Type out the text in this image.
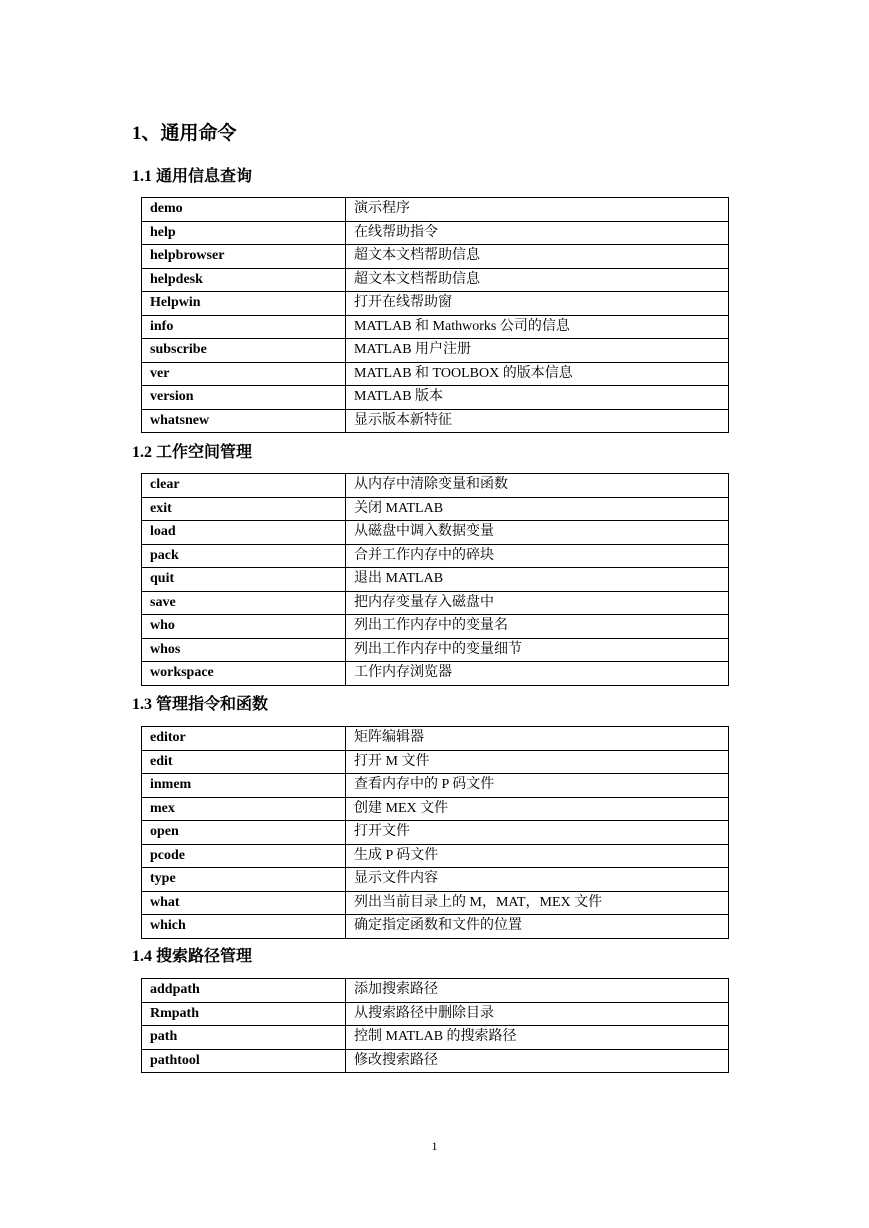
1、通用命令
1.1 通用信息查询
demo	演示程序
help	在线帮助指令
helpbrowser	超文本文档帮助信息
helpdesk	超文本文档帮助信息
Helpwin	打开在线帮助窗
info	MATLAB 和 Mathworks 公司的信息
subscribe	MATLAB 用户注册
ver	MATLAB 和 TOOLBOX 的版本信息
version	MATLAB 版本
whatsnew	显示版本新特征
1.2 工作空间管理
clear	从内存中清除变量和函数
exit	关闭 MATLAB
load	从磁盘中调入数据变量
pack	合并工作内存中的碎块
quit	退出 MATLAB
save	把内存变量存入磁盘中
who	列出工作内存中的变量名
whos	列出工作内存中的变量细节
workspace	工作内存浏览器
1.3 管理指令和函数
editor	矩阵编辑器
edit	打开 M 文件
inmem	查看内存中的 P 码文件
mex	创建 MEX 文件
open	打开文件
pcode	生成 P 码文件
type	显示文件内容
what	列出当前目录上的 M，MAT，MEX 文件
which	确定指定函数和文件的位置
1.4 搜索路径管理
addpath	添加搜索路径
Rmpath	从搜索路径中删除目录
path	控制 MATLAB 的搜索路径
pathtool	修改搜索路径
1
